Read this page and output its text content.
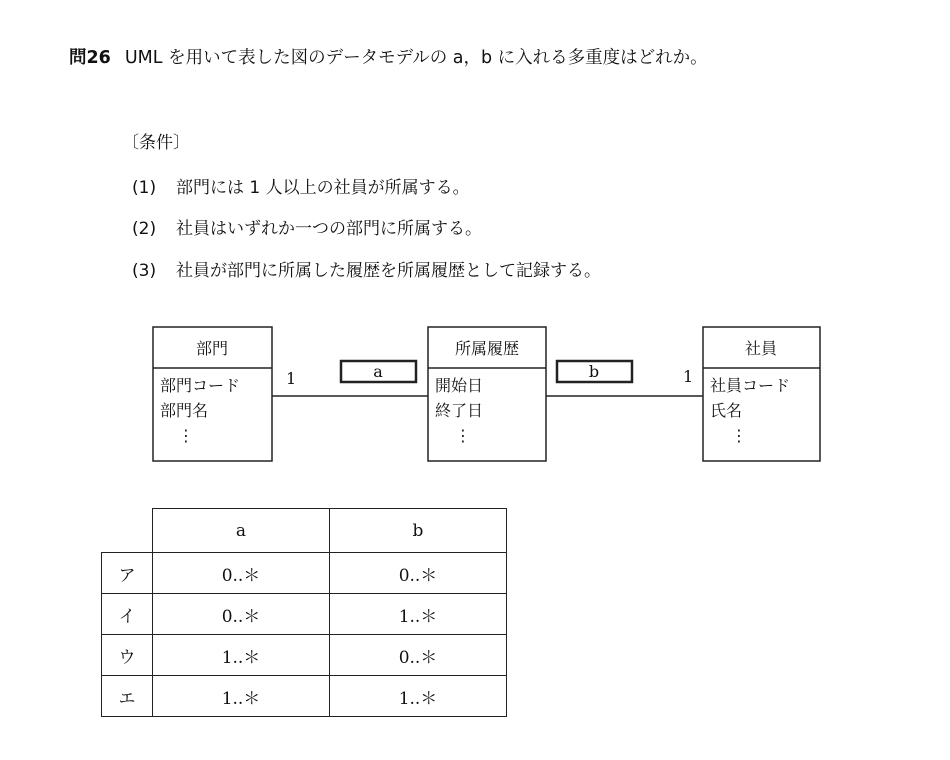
問26 UML を用いて表した図のデータモデルの a，b に入れる多重度はどれか。
〔条件〕
(1) 部門には 1 人以上の社員が所属する。
(2) 社員はいずれか一つの部門に所属する。
(3) 社員が部門に所属した履歴を所属履歴として記録する。
部門
部門コード
部門名
⋮
所属履歴
開始日
終了日
⋮
社員
社員コード
氏名
⋮
1	1
a	b
	a	b
ア	0..＊	0..＊
イ	0..＊	1..＊
ウ	1..＊	0..＊
エ	1..＊	1..＊
